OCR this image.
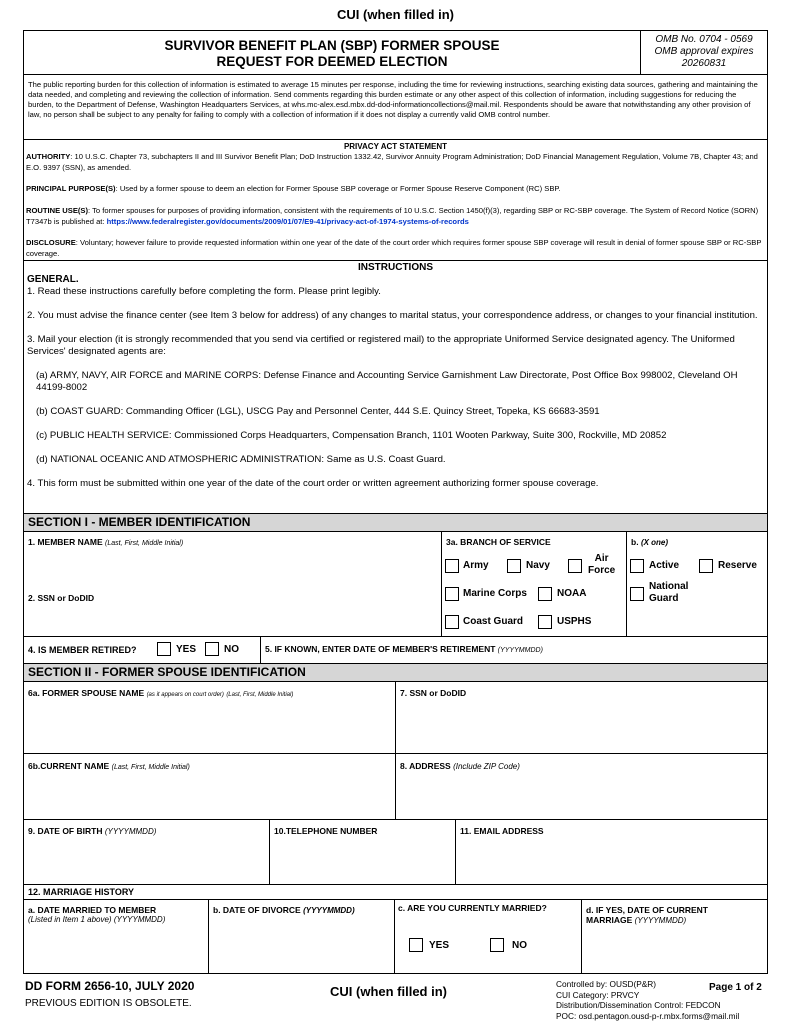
CUI (when filled in)
SURVIVOR BENEFIT PLAN (SBP) FORMER SPOUSE
REQUEST FOR DEEMED ELECTION
OMB No. 0704 - 0569
OMB approval expires
20260831
The public reporting burden for this collection of information is estimated to average 15 minutes per response, including the time for reviewing instructions, searching existing data sources, gathering and maintaining the data needed, and completing and reviewing the collection of information. Send comments regarding this burden estimate or any other aspect of this collection of information, including suggestions for reducing the burden, to the Department of Defense, Washington Headquarters Services, at whs.mc-alex.esd.mbx.dd-dod-informationcollections@mail.mil. Respondents should be aware that notwithstanding any other provision of law, no person shall be subject to any penalty for failing to comply with a collection of information if it does not display a currently valid OMB control number.
PRIVACY ACT STATEMENT
AUTHORITY: 10 U.S.C. Chapter 73, subchapters II and III Survivor Benefit Plan; DoD Instruction 1332.42, Survivor Annuity Program Administration; DoD Financial Management Regulation, Volume 7B, Chapter 43; and E.O. 9397 (SSN), as amended.
PRINCIPAL PURPOSE(S): Used by a former spouse to deem an election for Former Spouse SBP coverage or Former Spouse Reserve Component (RC) SBP.
ROUTINE USE(S): To former spouses for purposes of providing information, consistent with the requirements of 10 U.S.C. Section 1450(f)(3), regarding SBP or RC-SBP coverage. The System of Record Notice (SORN) T7347b is published at: https://www.federalregister.gov/documents/2009/01/07/E9-41/privacy-act-of-1974-systems-of-records
DISCLOSURE: Voluntary; however failure to provide requested information within one year of the date of the court order which requires former spouse SBP coverage will result in denial of former spouse SBP or RC-SBP coverage.
INSTRUCTIONS
GENERAL.
1. Read these instructions carefully before completing the form. Please print legibly.
2. You must advise the finance center (see Item 3 below for address) of any changes to marital status, your correspondence address, or changes to your financial institution.
3. Mail your election (it is strongly recommended that you send via certified or registered mail) to the appropriate Uniformed Service designated agency. The Uniformed Services' designated agents are:
(a) ARMY, NAVY, AIR FORCE and MARINE CORPS: Defense Finance and Accounting Service Garnishment Law Directorate, Post Office Box 998002, Cleveland OH 44199-8002
(b) COAST GUARD: Commanding Officer (LGL), USCG Pay and Personnel Center, 444 S.E. Quincy Street, Topeka, KS 66683-3591
(c) PUBLIC HEALTH SERVICE: Commissioned Corps Headquarters, Compensation Branch, 1101 Wooten Parkway, Suite 300, Rockville, MD 20852
(d) NATIONAL OCEANIC AND ATMOSPHERIC ADMINISTRATION: Same as U.S. Coast Guard.
4. This form must be submitted within one year of the date of the court order or written agreement authorizing former spouse coverage.
SECTION I - MEMBER IDENTIFICATION
1. MEMBER NAME (Last, First, Middle Initial)
2. SSN or DoDID
3a. BRANCH OF SERVICE
Army	Navy
Air
Force
Marine Corps	NOAA
Coast Guard	USPHS
b. (X one)
Active	Reserve
National
Guard
4. IS MEMBER RETIRED?	YES	NO	5. IF KNOWN, ENTER DATE OF MEMBER'S RETIREMENT (YYYYMMDD)
SECTION II - FORMER SPOUSE IDENTIFICATION
6a. FORMER SPOUSE NAME (as it appears on court order) (Last, First, Middle Initial)	7. SSN or DoDID
6b.CURRENT NAME (Last, First, Middle Initial)	8. ADDRESS (Include ZIP Code)
9. DATE OF BIRTH (YYYYMMDD)	10.TELEPHONE NUMBER	11. EMAIL ADDRESS
12. MARRIAGE HISTORY
a. DATE MARRIED TO MEMBER
(Listed in Item 1 above) (YYYYMMDD)
b. DATE OF DIVORCE (YYYYMMDD)	c. ARE YOU CURRENTLY MARRIED?
YES	NO
d. IF YES, DATE OF CURRENT
MARRIAGE (YYYYMMDD)
DD FORM 2656-10, JULY 2020
PREVIOUS EDITION IS OBSOLETE.
CUI (when filled in)	Controlled by: OUSD(P&R)
CUI Category: PRVCY
Distribution/Dissemination Control: FEDCON
POC: osd.pentagon.ousd-p-r.mbx.forms@mail.mil
Page 1 of 2
